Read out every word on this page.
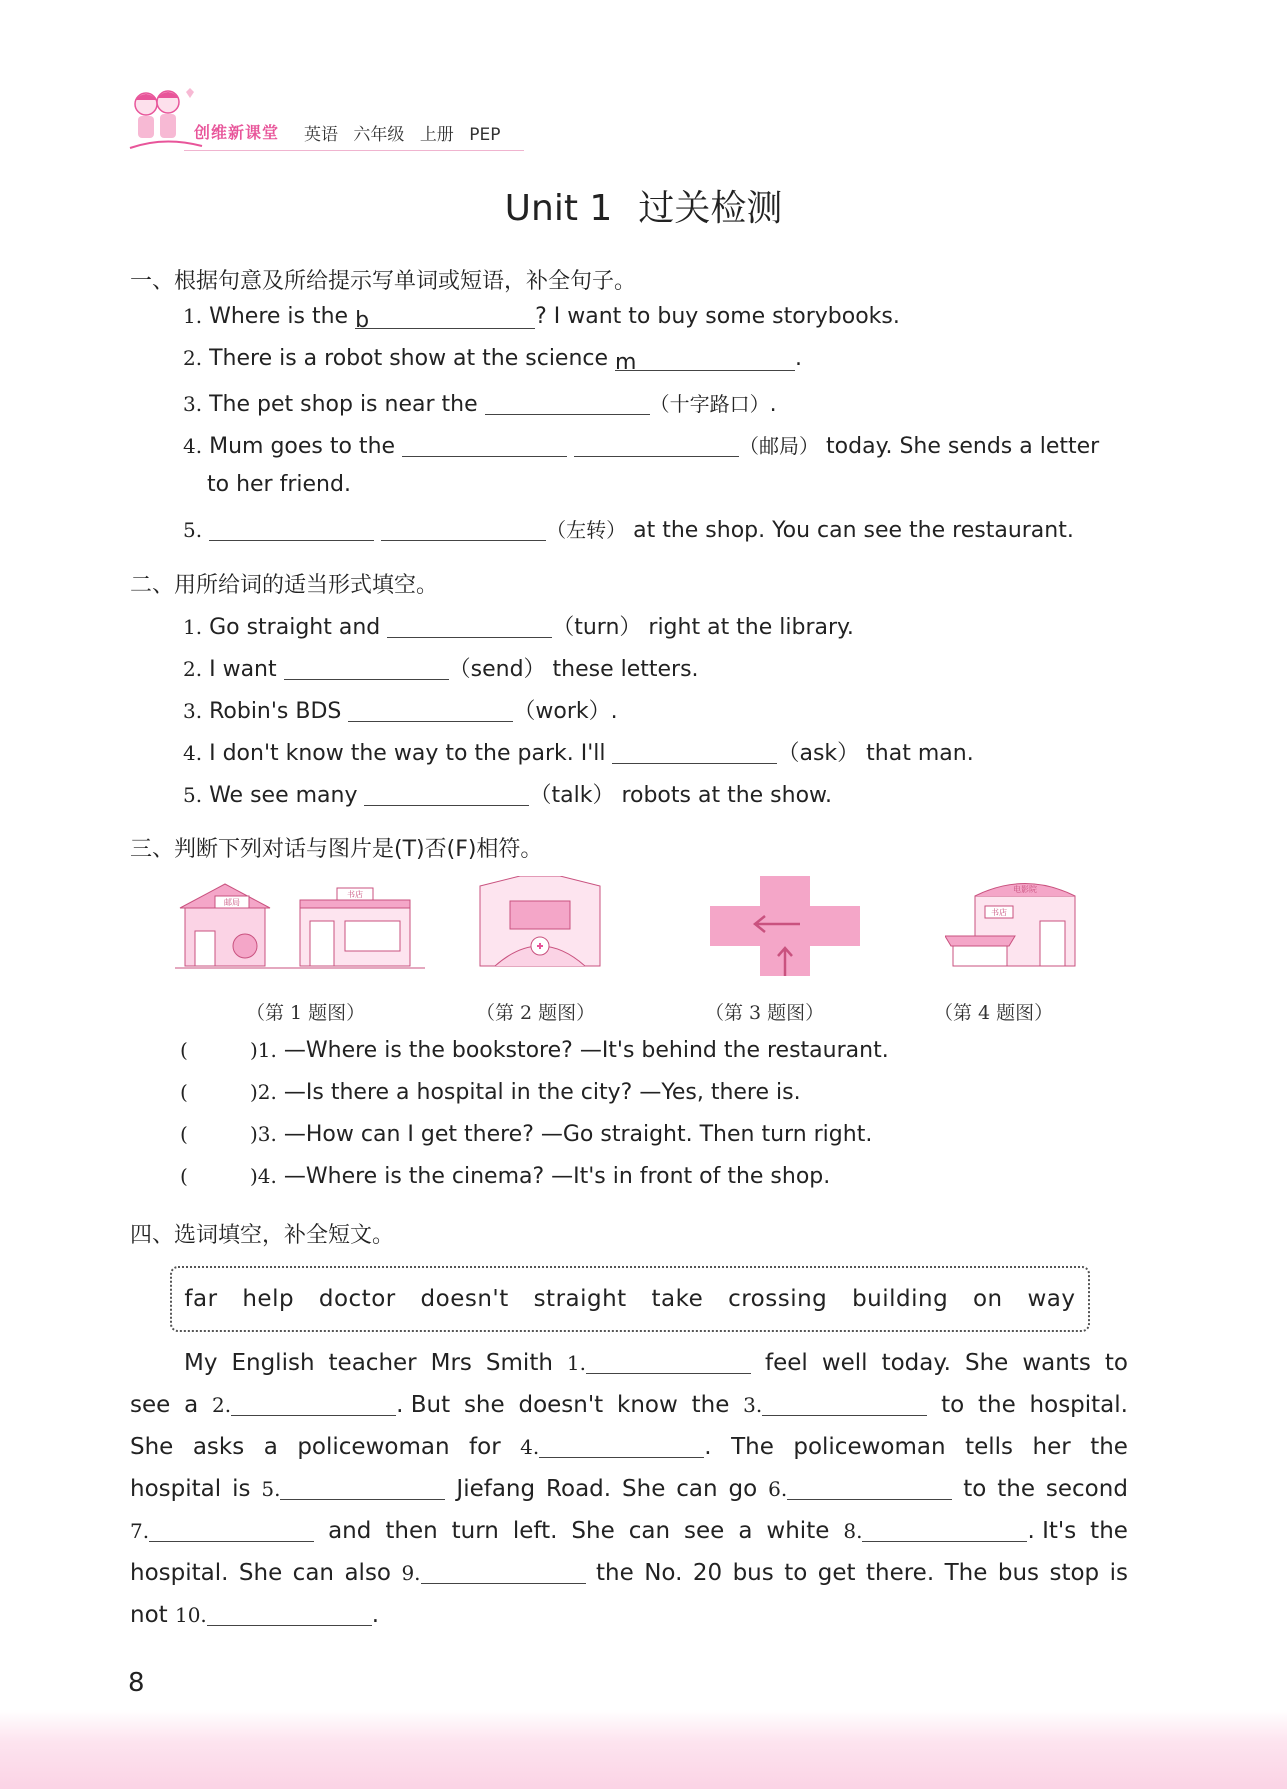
创维新课堂 英语 六年级 上册 PEP
Unit 1 过关检测
一、根据句意及所给提示写单词或短语，补全句子。
1. Where is the b	? I want to buy some storybooks.
2. There is a robot show at the science m	.
3. The pet shop is near the	（十字路口）.
4. Mum goes to the	（邮局） today. She sends a letter
to her friend.
5.	（左转） at the shop. You can see the restaurant.
二、用所给词的适当形式填空。
1. Go straight and	（turn） right at the library.
2. I want	（send） these letters.
3. Robin's BDS	（work）.
4. I don't know the way to the park. I'll	（ask） that man.
5. We see many	（talk） robots at the show.
三、判断下列对话与图片是(T)否(F)相符。
邮局
书店
电影院
书店
（第 1 题图）	（第 2 题图）	（第 3 题图）	（第 4 题图）
(	)1. —Where is the bookstore? —It's behind the restaurant.
(	)2. —Is there a hospital in the city? —Yes, there is.
(	)3. —How can I get there? —Go straight. Then turn right.
(	)4. —Where is the cinema? —It's in front of the shop.
四、选词填空，补全短文。
far help doctor doesn't straight take crossing building on way
My English teacher Mrs Smith 1.	feel well today. She wants to
see a 2.	. But she doesn't know the 3.	to the hospital.
She asks a policewoman for 4.	. The policewoman tells her the
hospital is 5.	Jiefang Road. She can go 6.	to the second
7.	and then turn left. She can see a white 8.	. It's the
hospital. She can also 9.	the No. 20 bus to get there. The bus stop is
not 10.	.
8
